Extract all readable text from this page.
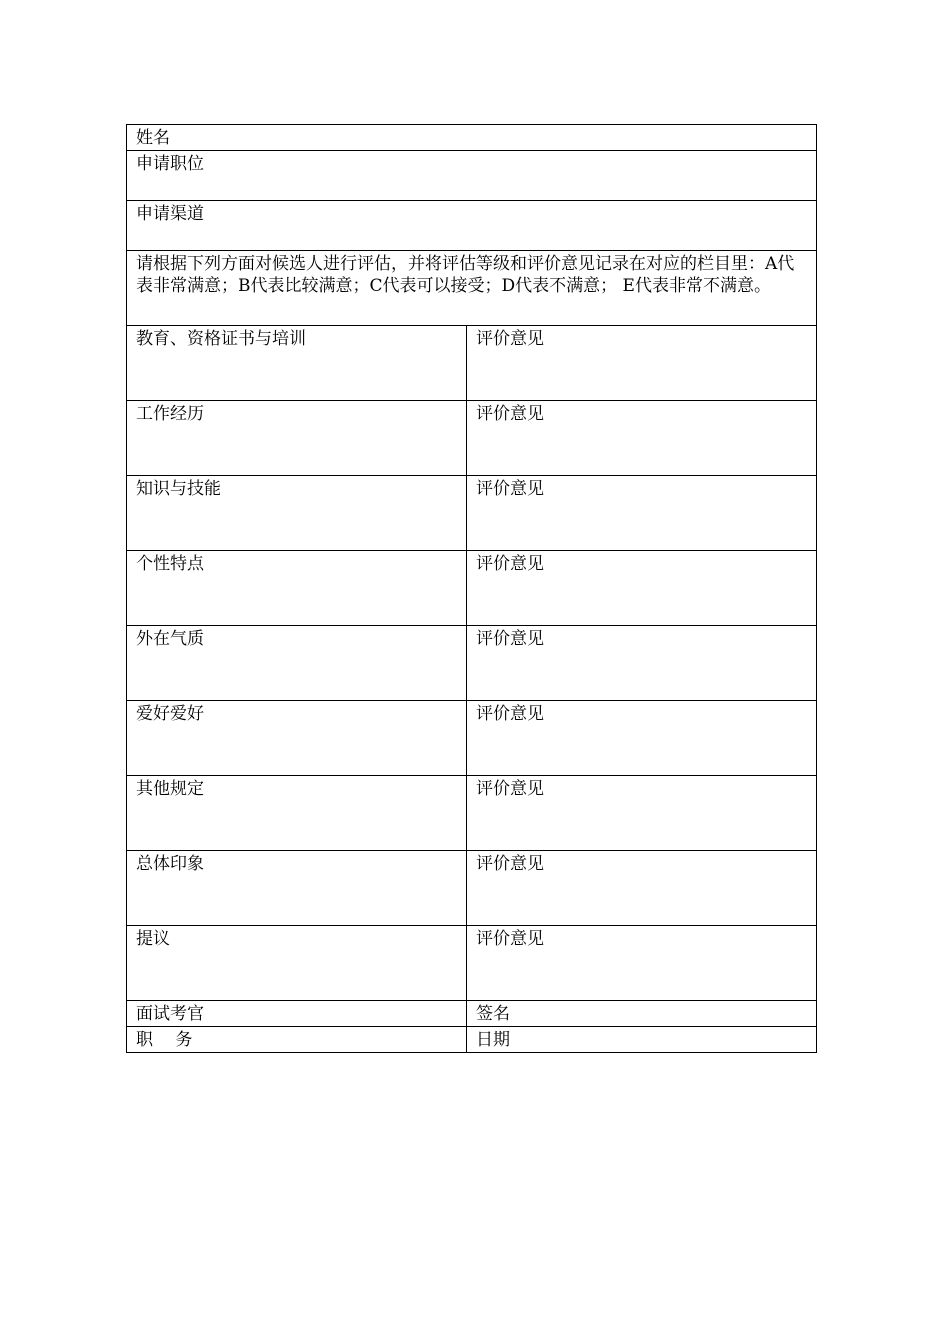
姓名	
申请职位	
申请渠道	
请根据下列方面对候选人进行评估，并将评估等级和评价意见记录在对应的栏目里：A代表非常满意；B代表比较满意；C代表可以接受；D代表不满意； E代表非常不满意。	
教育、资格证书与培训	评价意见
工作经历	评价意见
知识与技能	评价意见
个性特点	评价意见
外在气质	评价意见
爱好爱好	评价意见
其他规定	评价意见
总体印象	评价意见
提议	评价意见
面试考官	签名
职　 务	日期
